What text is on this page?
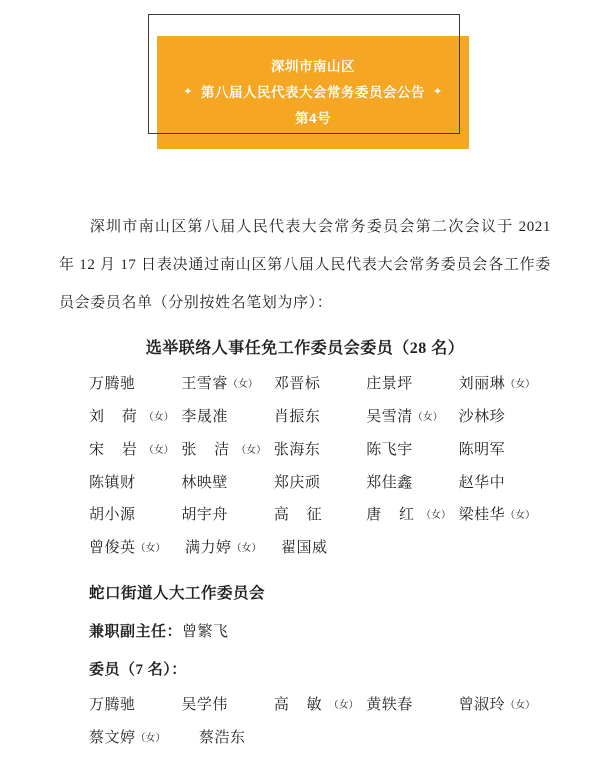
深圳市南山区
✦ 第八届人民代表大会常务委员会公告 ✦
第4号

深圳市南山区第八届人民代表大会常务委员会第二次会议于 2021 年 12 月 17 日表决通过南山区第八届人民代表大会常务委员会各工作委员会委员名单（分别按姓名笔划为序）：

选举联络人事任免工作委员会委员（28 名）
万腾驰	王雪睿（女）	邓晋标	庄景坪	刘丽琳（女）
刘 荷（女） 李晟准	肖振东	吴雪清（女）	沙林珍
宋 岩（女） 张 洁（女） 张海东	陈飞宇	陈明军
陈镇财	林映壁	郑庆顽	郑佳鑫	赵华中
胡小源	胡宇舟	高 征	唐 红（女） 梁桂华（女）
曾俊英（女）	满力婷（女）	翟国威
蛇口街道人大工作委员会
兼职副主任：曾繁飞
委员（7 名）：
万腾驰	吴学伟	高 敏（女） 黄轶春	曾淑玲（女）
蔡文婷（女）	蔡浩东
